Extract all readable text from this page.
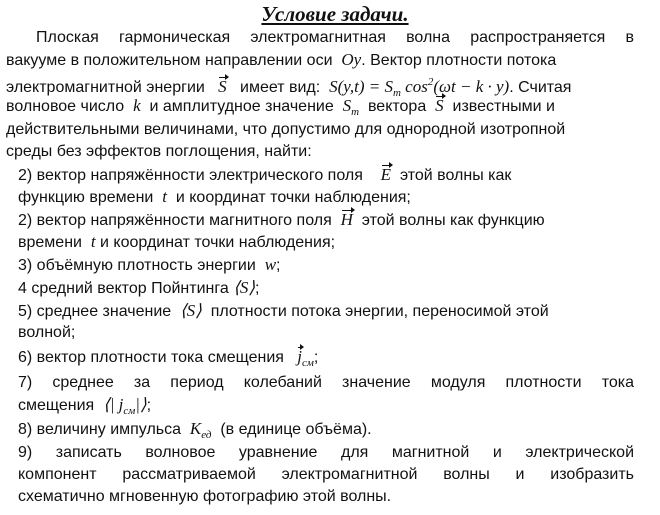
Условие задачи.
Плоская гармоническая электромагнитная волна распространяется в
вакууме в положительном направлении оси Oy. Вектор плотности потока
электромагнитной энергии S имеет вид: $S(y,t) = S_m$ $\cos^2(\omega t - k \cdot y)$. Считая
волновое число k и амплитудное значение $S_m$ вектора S известными и
действительными величинами, что допустимо для однородной изотропной
среды без эффектов поглощения, найти:
2) вектор напряжённости электрического поля E этой волны как
функцию времени t и координат точки наблюдения;
2) вектор напряжённости магнитного поля H этой волны как функцию
времени t и координат точки наблюдения;
3) объёмную плотность энергии w;
4 средний вектор Пойнтинга ⟨S⟩;
5) среднее значение ⟨S⟩ плотности потока энергии, переносимой этой
волной;
6) вектор плотности тока смещения $j_{см}$;
7) среднее за период колебаний значение модуля плотности тока
смещения ⟨| $j_{см}|⟩$;
8) величину импульса $K_{ед}$ (в единице объёма).
9) записать волновое уравнение для магнитной и электрической
компонент рассматриваемой электромагнитной волны и изобразить
схематично мгновенную фотографию этой волны.
